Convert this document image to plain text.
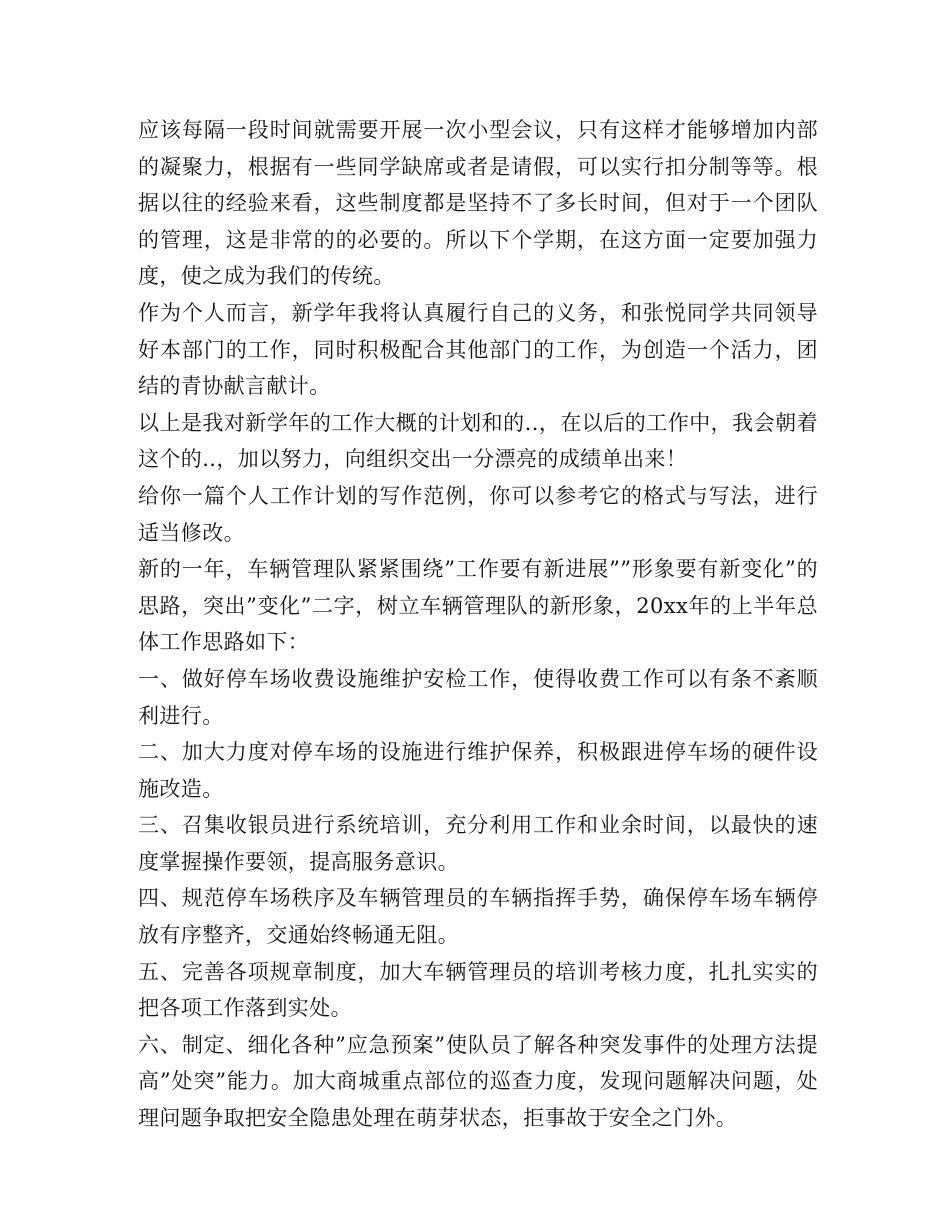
应该每隔一段时间就需要开展一次小型会议，只有这样才能够增加内部的凝聚力，根据有一些同学缺席或者是请假，可以实行扣分制等等。根据以往的经验来看，这些制度都是坚持不了多长时间，但对于一个团队的管理，这是非常的的必要的。所以下个学期，在这方面一定要加强力度，使之成为我们的传统。

作为个人而言，新学年我将认真履行自己的义务，和张悦同学共同领导好本部门的工作，同时积极配合其他部门的工作，为创造一个活力，团结的青协献言献计。

以上是我对新学年的工作大概的计划和的..，在以后的工作中，我会朝着这个的..，加以努力，向组织交出一分漂亮的成绩单出来！

给你一篇个人工作计划的写作范例，你可以参考它的格式与写法，进行适当修改。

新的一年，车辆管理队紧紧围绕”工作要有新进展””形象要有新变化”的思路，突出”变化”二字，树立车辆管理队的新形象，20xx年的上半年总体工作思路如下：

一、做好停车场收费设施维护安检工作，使得收费工作可以有条不紊顺利进行。

二、加大力度对停车场的设施进行维护保养，积极跟进停车场的硬件设施改造。

三、召集收银员进行系统培训，充分利用工作和业余时间，以最快的速度掌握操作要领，提高服务意识。

四、规范停车场秩序及车辆管理员的车辆指挥手势，确保停车场车辆停放有序整齐，交通始终畅通无阻。

五、完善各项规章制度，加大车辆管理员的培训考核力度，扎扎实实的把各项工作落到实处。

六、制定、细化各种”应急预案”使队员了解各种突发事件的处理方法提高”处突”能力。加大商城重点部位的巡查力度，发现问题解决问题，处理问题争取把安全隐患处理在萌芽状态，拒事故于安全之门外。
